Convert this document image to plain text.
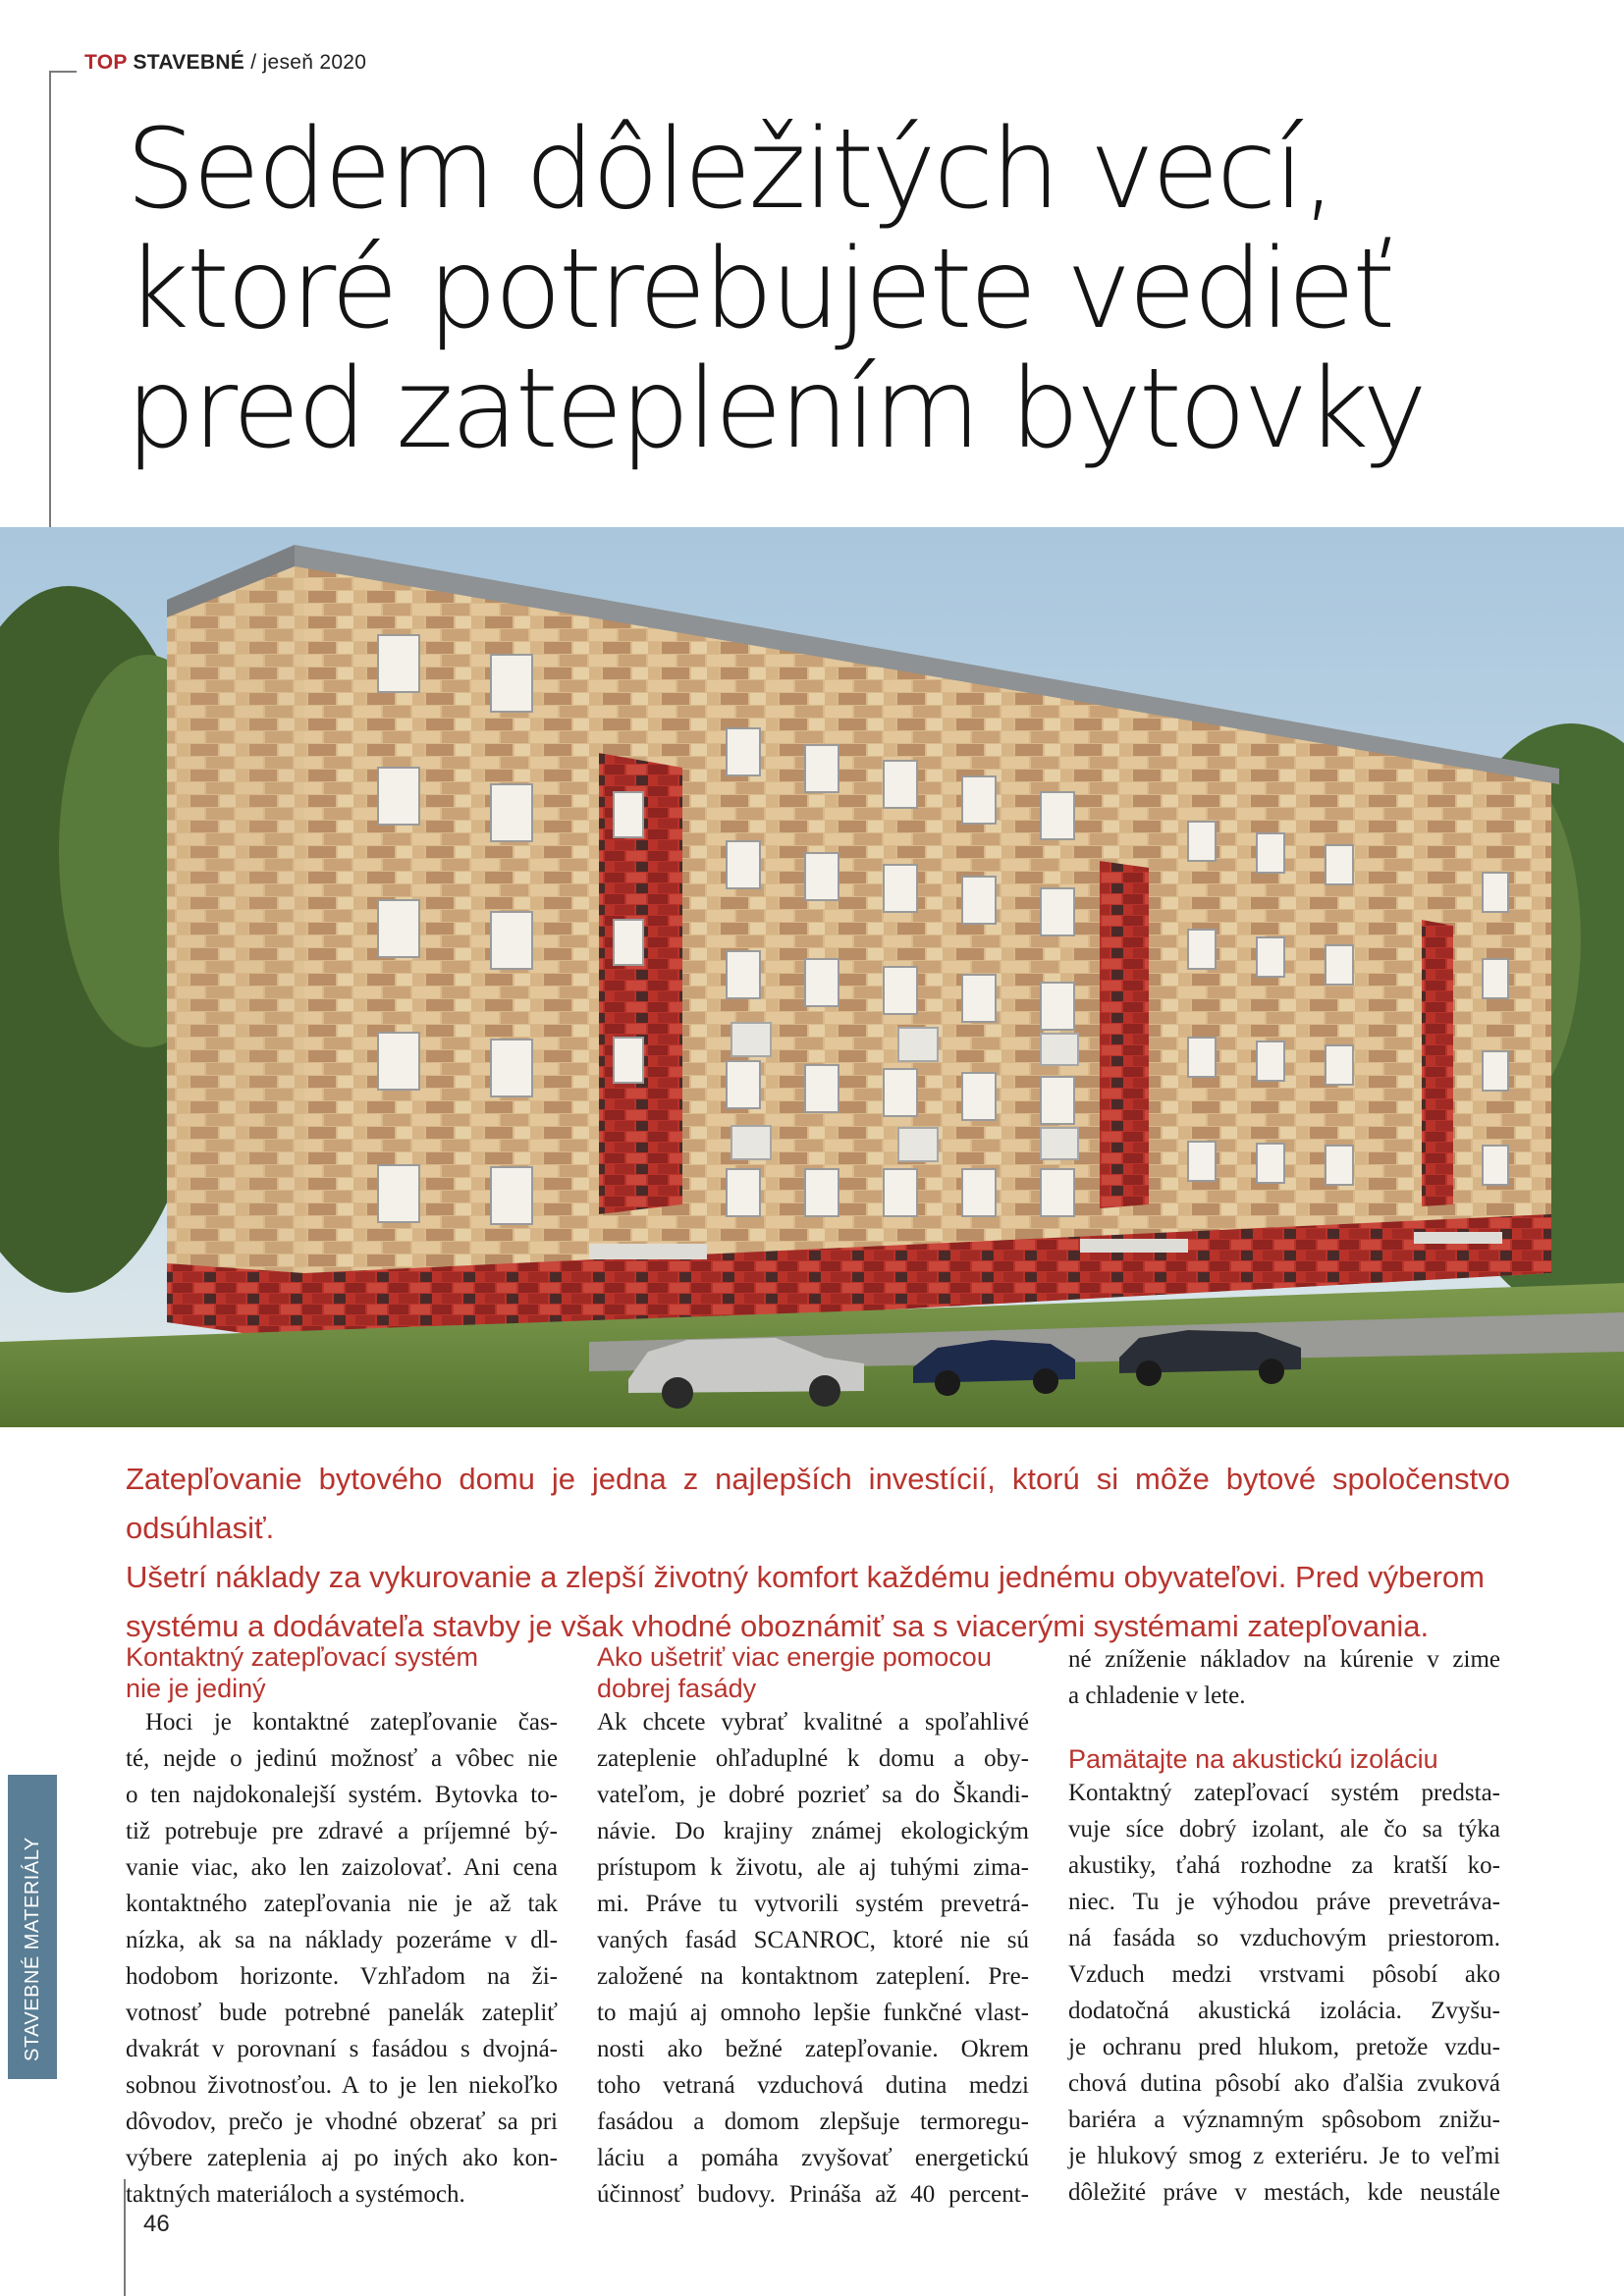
TOP STAVEBNÉ / jeseň 2020
Sedem dôležitých vecí,
ktoré potrebujete vedieť
pred zateplením bytovky
Zatepľovanie bytového domu je jedna z najlepších investícií, ktorú si môže bytové spoločenstvo odsúhlasiť.
Ušetrí náklady za vykurovanie a zlepší životný komfort každému jednému obyvateľovi. Pred výberom
systému a dodávateľa stavby je však vhodné oboznámiť sa s viacerými systémami zatepľovania.
STAVEBNÉ MATERIÁLY
Kontaktný zatepľovací systém
nie je jediný

Hoci je kontaktné zatepľovanie čas-
té, nejde o jedinú možnosť a vôbec nie
o ten najdokonalejší systém. Bytovka to-
tiž potrebuje pre zdravé a príjemné bý-
vanie viac, ako len zaizolovať. Ani cena
kontaktného zatepľovania nie je až tak
nízka, ak sa na náklady pozeráme v dl-
hodobom horizonte. Vzhľadom na ži-
votnosť bude potrebné panelák zatepliť
dvakrát v porovnaní s fasádou s dvojná-
sobnou životnosťou. A to je len niekoľko
dôvodov, prečo je vhodné obzerať sa pri
výbere zateplenia aj po iných ako kon-
taktných materiáloch a systémoch.

Ako ušetriť viac energie pomocou
dobrej fasády

Ak chcete vybrať kvalitné a spoľahlivé
zateplenie ohľaduplné k domu a oby-
vateľom, je dobré pozrieť sa do Škandi-
návie. Do krajiny známej ekologickým
prístupom k životu, ale aj tuhými zima-
mi. Práve tu vytvorili systém prevetrá-
vaných fasád SCANROC, ktoré nie sú
založené na kontaktnom zateplení. Pre-
to majú aj omnoho lepšie funkčné vlast-
nosti ako bežné zatepľovanie. Okrem
toho vetraná vzduchová dutina medzi
fasádou a domom zlepšuje termoregu-
láciu a pomáha zvyšovať energetickú
účinnosť budovy. Prináša až 40 percent-

né zníženie nákladov na kúrenie v zime
a chladenie v lete.

Pamätajte na akustickú izoláciu

Kontaktný zatepľovací systém predsta-
vuje síce dobrý izolant, ale čo sa týka
akustiky, ťahá rozhodne za kratší ko-
niec. Tu je výhodou práve prevetráva-
ná fasáda so vzduchovým priestorom.
Vzduch medzi vrstvami pôsobí ako
dodatočná akustická izolácia. Zvyšu-
je ochranu pred hlukom, pretože vzdu-
chová dutina pôsobí ako ďalšia zvuková
bariéra a významným spôsobom znižu-
je hlukový smog z exteriéru. Je to veľmi
dôležité práve v mestách, kde neustále

46
